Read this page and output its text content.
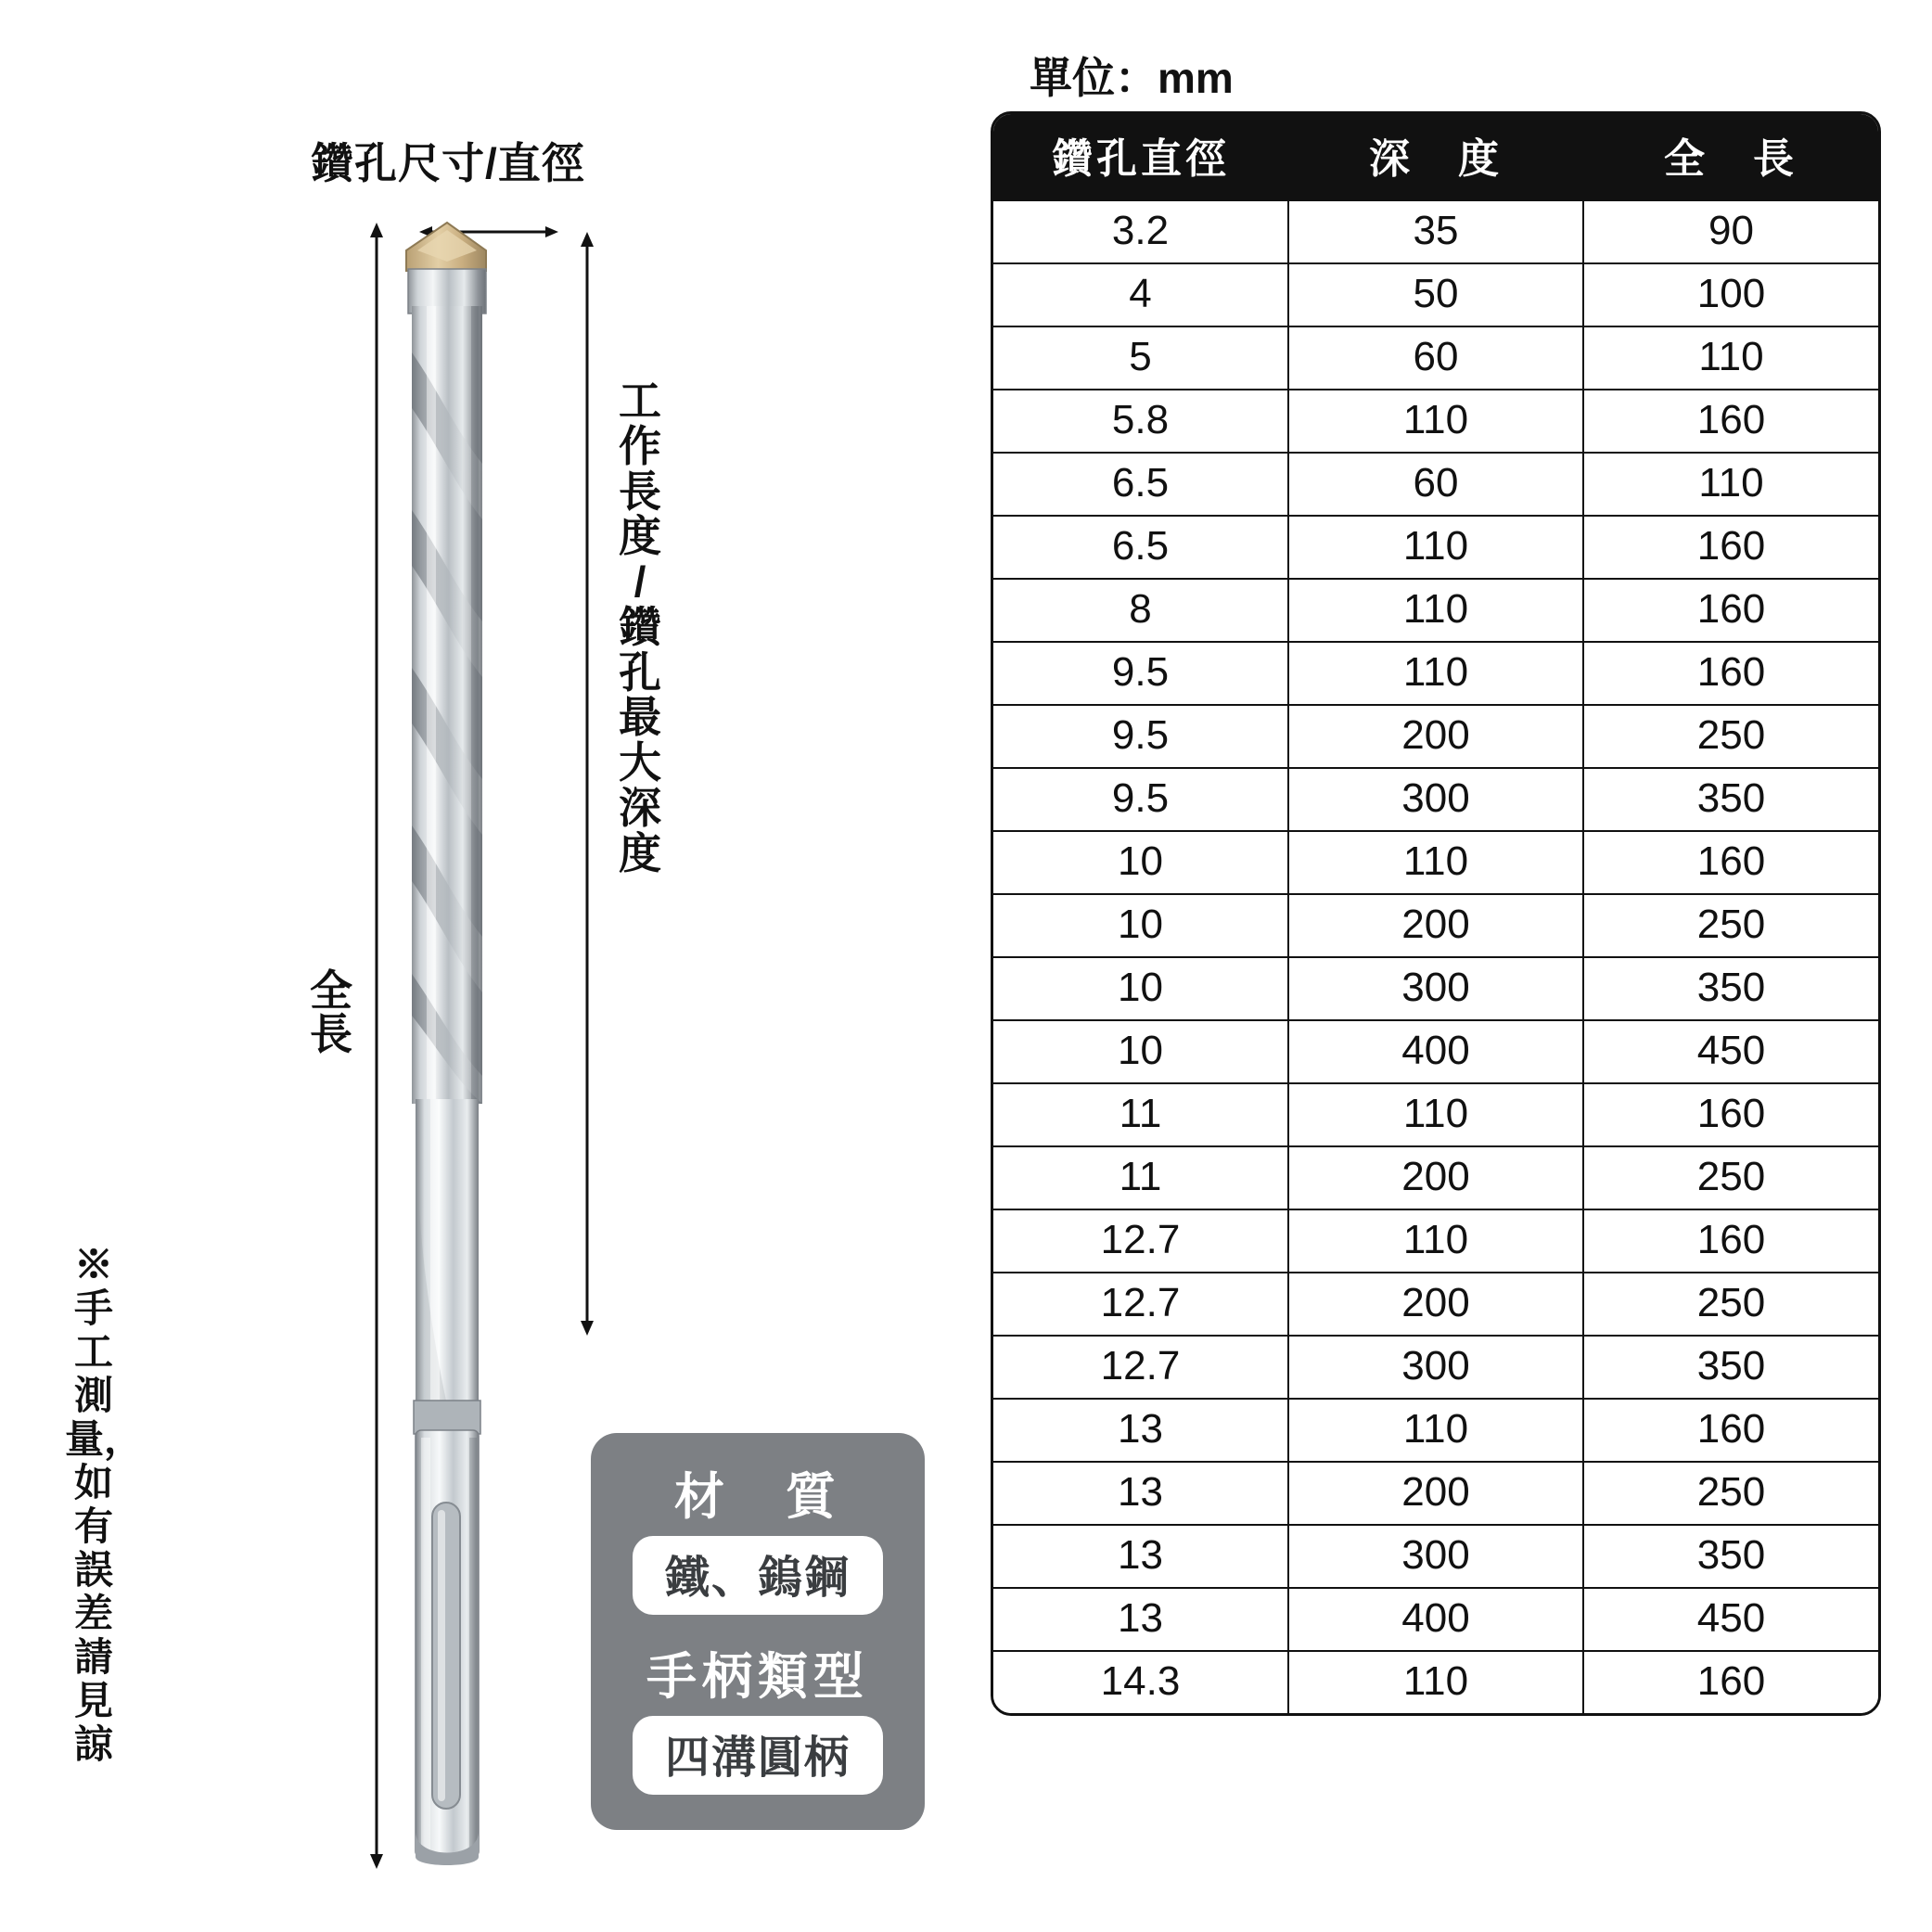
鑽孔尺寸/直徑
全長
工作長度 / 鑽孔最大深度
※手工測量，如有誤差請見諒
材　質
鐵、鎢鋼
手柄類型
四溝圓柄
單位：mm
鑽孔直徑	深　度	全　長
3.2	35	90
4	50	100
5	60	110
5.8	110	160
6.5	60	110
6.5	110	160
8	110	160
9.5	110	160
9.5	200	250
9.5	300	350
10	110	160
10	200	250
10	300	350
10	400	450
11	110	160
11	200	250
12.7	110	160
12.7	200	250
12.7	300	350
13	110	160
13	200	250
13	300	350
13	400	450
14.3	110	160
